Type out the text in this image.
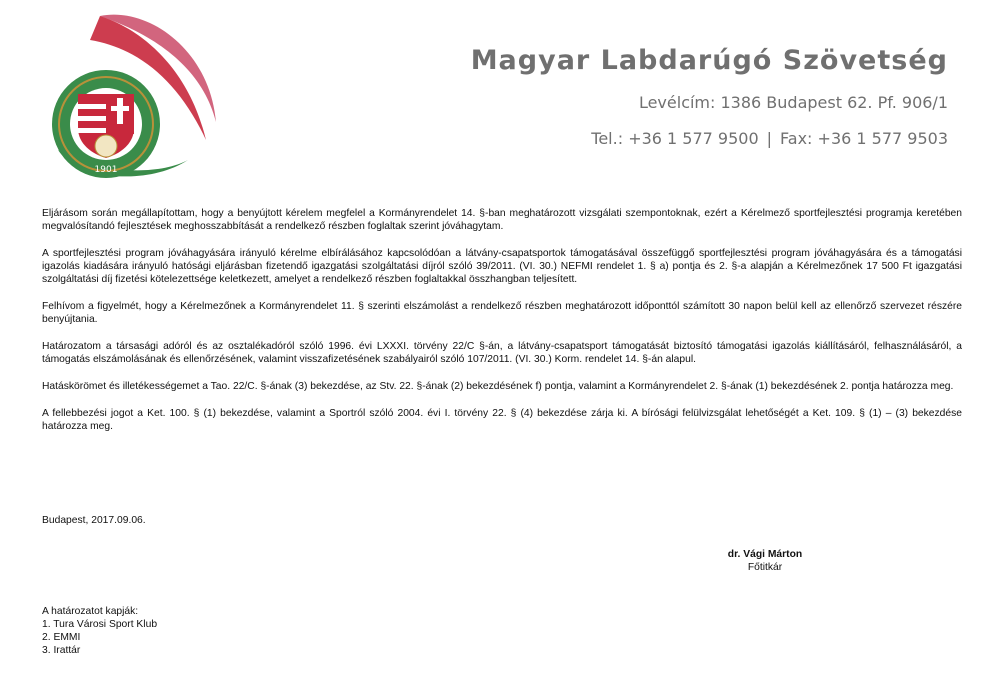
1901
Magyar Labdarúgó Szövetség
Levélcím: 1386 Budapest 62. Pf. 906/1
Tel.: +36 1 577 9500 | Fax: +36 1 577 9503

Eljárásom során megállapítottam, hogy a benyújtott kérelem megfelel a Kormányrendelet 14. §-ban meghatározott vizsgálati szempontoknak, ezért a Kérelmező sportfejlesztési programja keretében megvalósítandó fejlesztések meghosszabbítását a rendelkező részben foglaltak szerint jóváhagytam.

A sportfejlesztési program jóváhagyására irányuló kérelme elbírálásához kapcsolódóan a látvány-csapatsportok támogatásával összefüggő sportfejlesztési program jóváhagyására és a támogatási igazolás kiadására irányuló hatósági eljárásban fizetendő igazgatási szolgáltatási díjról szóló 39/2011. (VI. 30.) NEFMI rendelet 1. § a) pontja és 2. §-a alapján a Kérelmezőnek 17 500 Ft igazgatási szolgáltatási díj fizetési kötelezettsége keletkezett, amelyet a rendelkező részben foglaltakkal összhangban teljesített.

Felhívom a figyelmét, hogy a Kérelmezőnek a Kormányrendelet 11. § szerinti elszámolást a rendelkező részben meghatározott időponttól számított 30 napon belül kell az ellenőrző szervezet részére benyújtania.

Határozatom a társasági adóról és az osztalékadóról szóló 1996. évi LXXXI. törvény 22/C §-án, a látvány-csapatsport támogatását biztosító támogatási igazolás kiállításáról, felhasználásáról, a támogatás elszámolásának és ellenőrzésének, valamint visszafizetésének szabályairól szóló 107/2011. (VI. 30.) Korm. rendelet 14. §-án alapul.

Hatáskörömet és illetékességemet a Tao. 22/C. §-ának (3) bekezdése, az Stv. 22. §-ának (2) bekezdésének f) pontja, valamint a Kormányrendelet 2. §-ának (1) bekezdésének 2. pontja határozza meg.

A fellebbezési jogot a Ket. 100. § (1) bekezdése, valamint a Sportról szóló 2004. évi I. törvény 22. § (4) bekezdése zárja ki. A bírósági felülvizsgálat lehetőségét a Ket. 109. § (1) – (3) bekezdése határozza meg.

Budapest, 2017.09.06.
dr. Vági Márton
Főtitkár
A határozatot kapják:
1. Tura Városi Sport Klub
2. EMMI
3. Irattár
